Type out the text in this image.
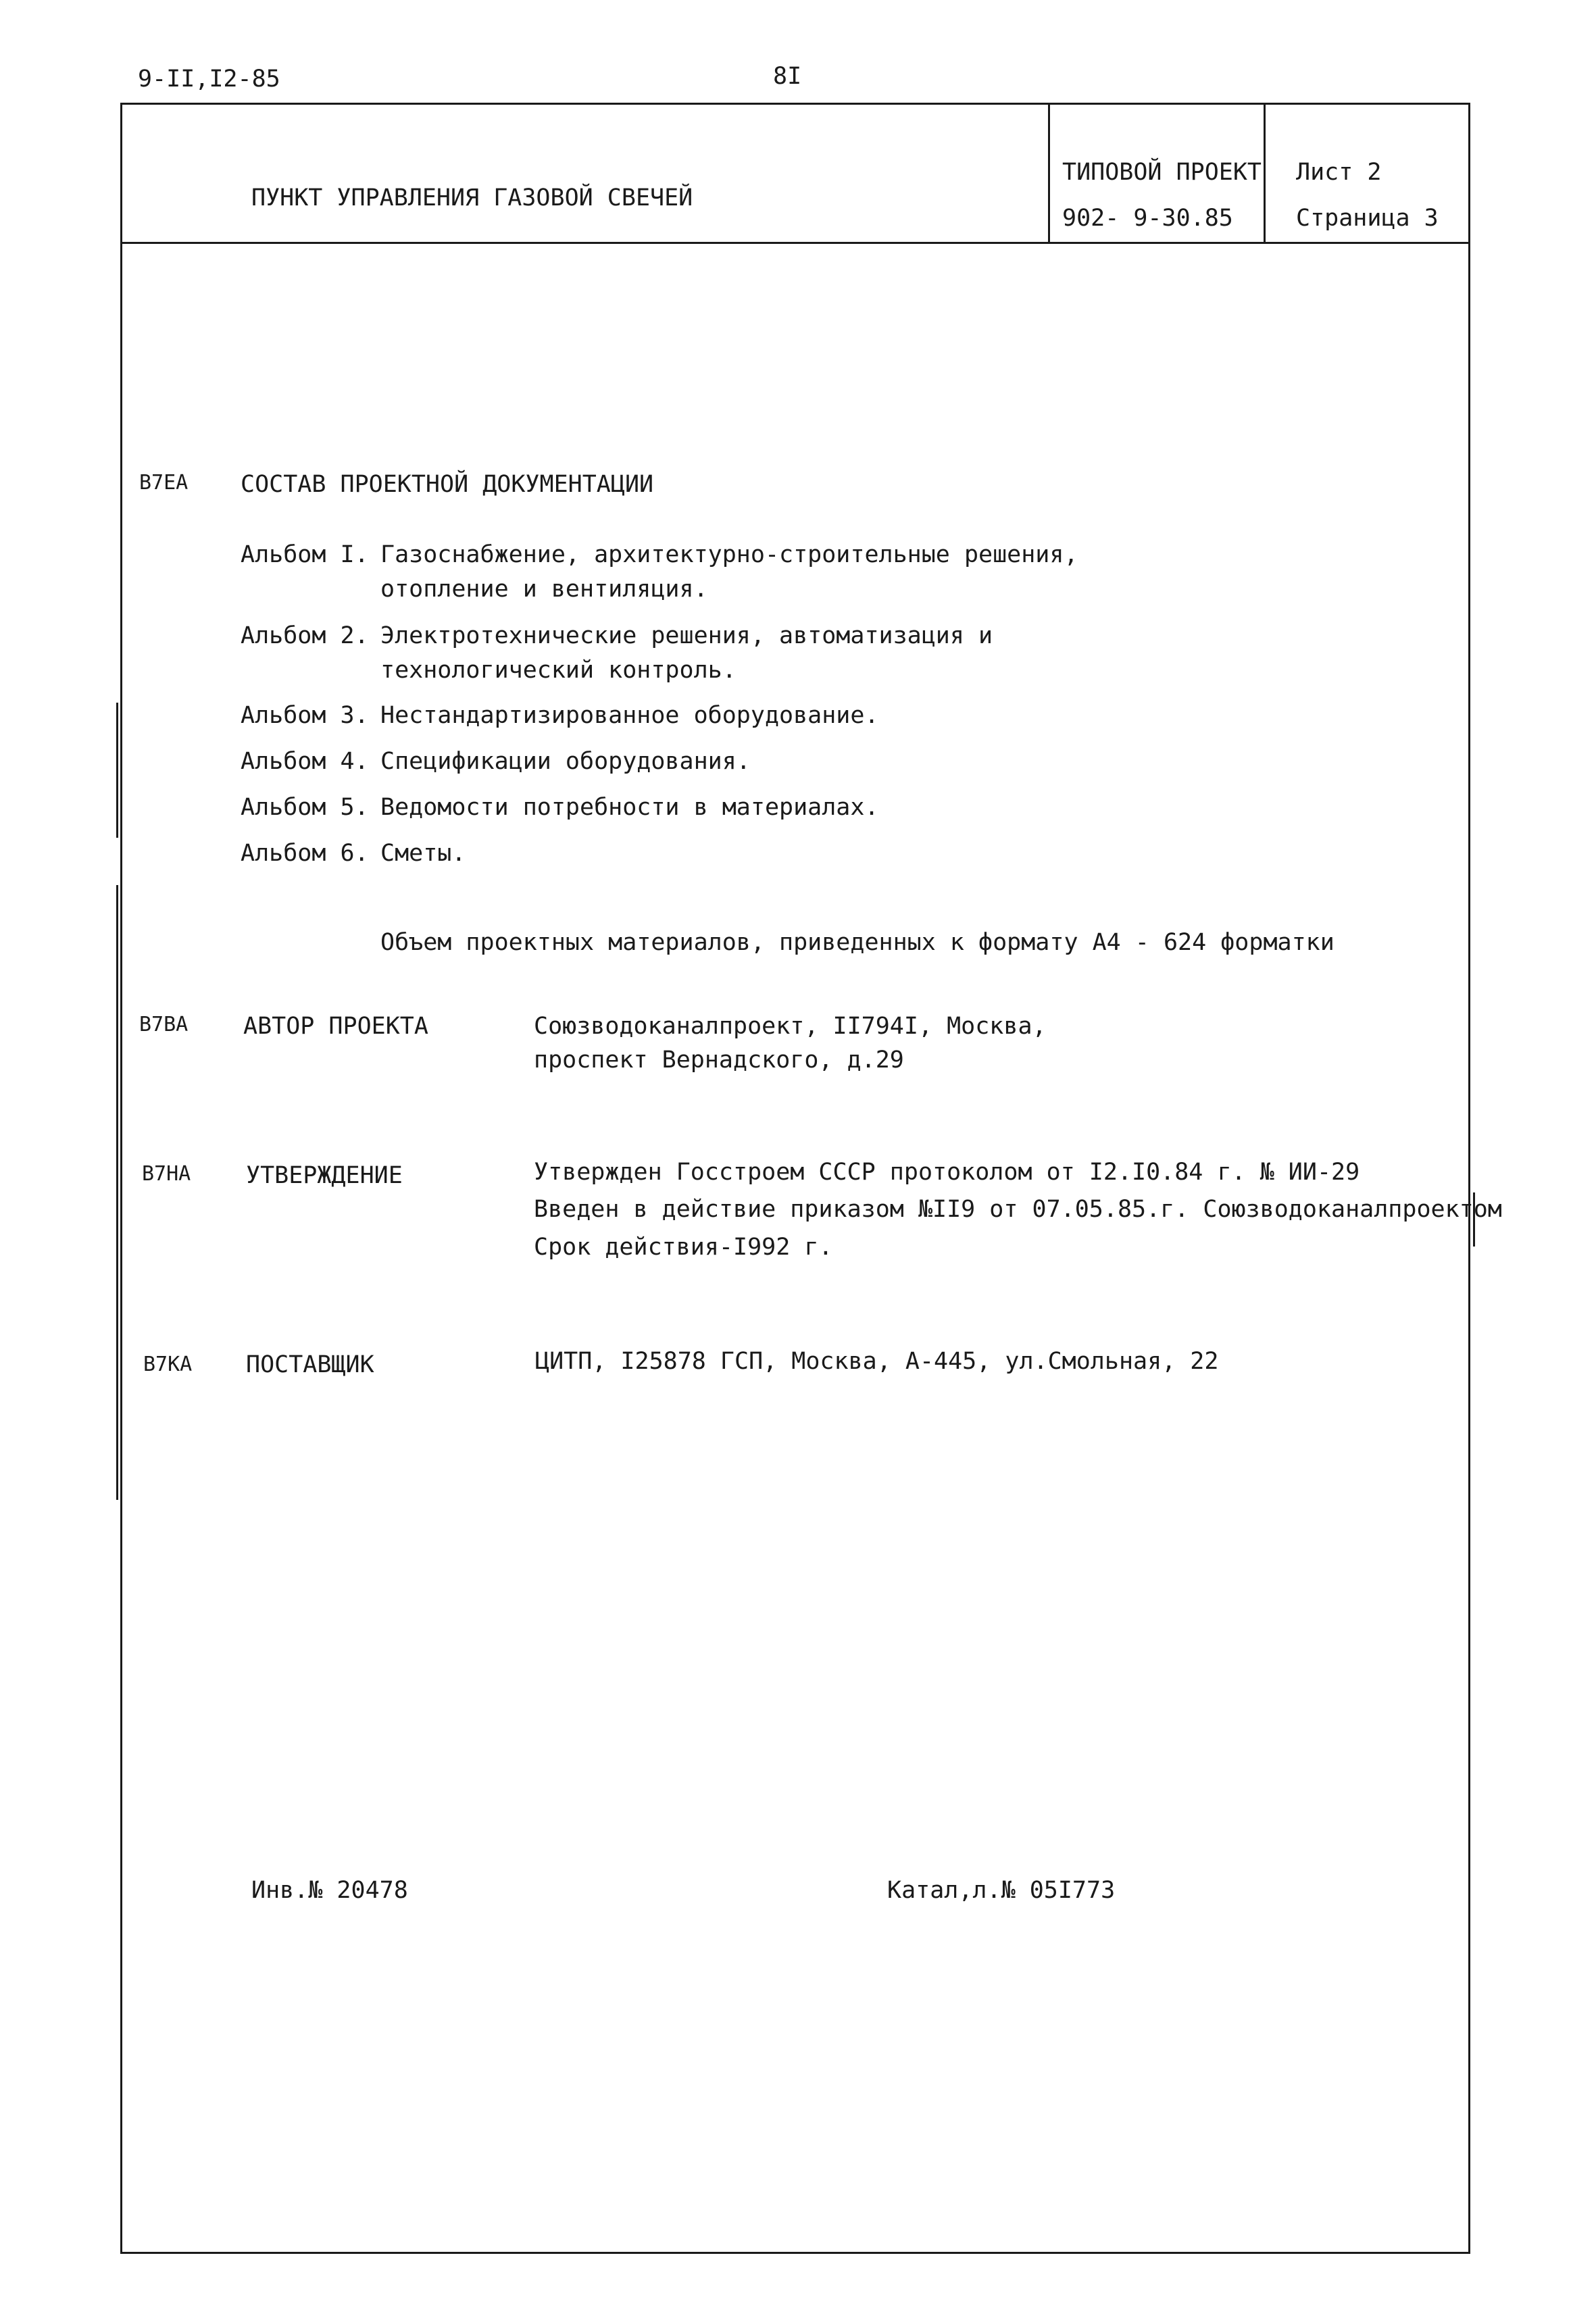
9-II,I2-85	8I
ПУНКТ УПРАВЛЕНИЯ ГАЗОВОЙ СВЕЧЕЙ
ТИПОВОЙ ПРОЕКТ
902- 9-30.85
Лист 2
Страница 3
В7ЕА СОСТАВ ПРОЕКТНОЙ ДОКУМЕНТАЦИИ
Альбом I. Газоснабжение, архитектурно-строительные решения,
отопление и вентиляция.
Альбом 2. Электротехнические решения, автоматизация и
технологический контроль.
Альбом 3. Нестандартизированное оборудование.
Альбом 4. Спецификации оборудования.
Альбом 5. Ведомости потребности в материалах.
Альбом 6. Сметы.
Объем проектных материалов, приведенных к формату А4 - 624 форматки
В7ВА АВТОР ПРОЕКТА	Союзводоканалпроект, II794I, Москва,
проспект Вернадского, д.29
В7НА УТВЕРЖДЕНИЕ	Утвержден Госстроем СССР протоколом от I2.I0.84 г. № ИИ-29
Введен в действие приказом №II9 от 07.05.85.г. Союзводоканалпроектом
Срок действия-I992 г.
В7КА ПОСТАВЩИК	ЦИТП, I25878 ГСП, Москва, А-445, ул.Смольная, 22
Инв.№ 20478	Катал,л.№ 05I773
